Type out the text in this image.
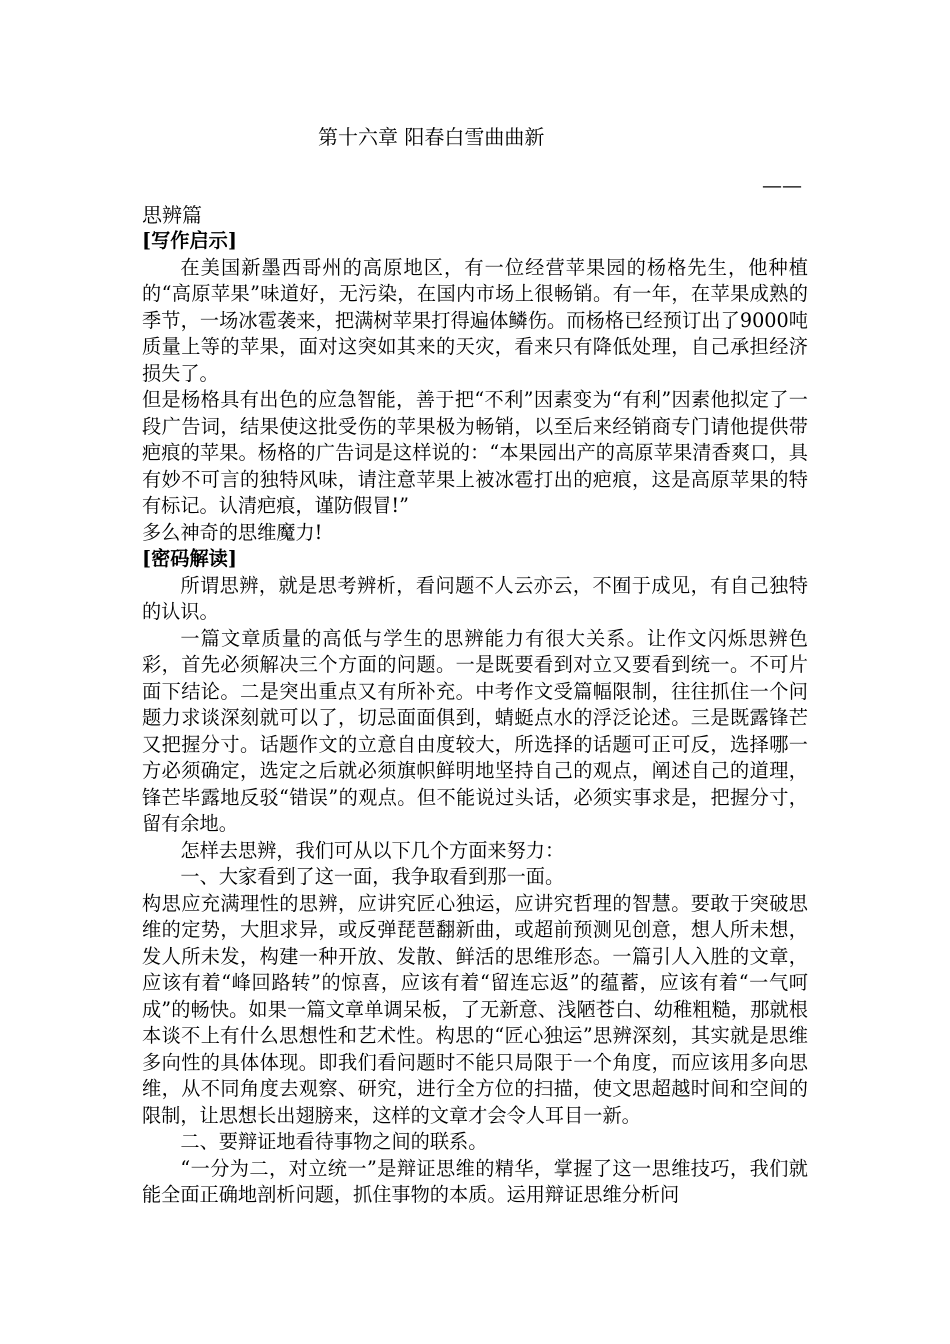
第十六章 阳春白雪曲曲新
——
思辨篇

[写作启示]

在美国新墨西哥州的高原地区，有一位经营苹果园的杨格先生，他种植的“高原苹果”味道好，无污染，在国内市场上很畅销。有一年，在苹果成熟的季节，一场冰雹袭来，把满树苹果打得遍体鳞伤。而杨格已经预订出了9000吨质量上等的苹果，面对这突如其来的天灾，看来只有降低处理，自己承担经济损失了。

但是杨格具有出色的应急智能，善于把“不利”因素变为“有利”因素他拟定了一段广告词，结果使这批受伤的苹果极为畅销，以至后来经销商专门请他提供带疤痕的苹果。杨格的广告词是这样说的：“本果园出产的高原苹果清香爽口，具有妙不可言的独特风味，请注意苹果上被冰雹打出的疤痕，这是高原苹果的特有标记。认清疤痕，谨防假冒!”

多么神奇的思维魔力!

[密码解读]

所谓思辨，就是思考辨析，看问题不人云亦云，不囿于成见，有自己独特的认识。

一篇文章质量的高低与学生的思辨能力有很大关系。让作文闪烁思辨色彩，首先必须解决三个方面的问题。一是既要看到对立又要看到统一。不可片面下结论。二是突出重点又有所补充。中考作文受篇幅限制，往往抓住一个问题力求谈深刻就可以了，切忌面面俱到，蜻蜓点水的浮泛论述。三是既露锋芒又把握分寸。话题作文的立意自由度较大，所选择的话题可正可反，选择哪一方必须确定，选定之后就必须旗帜鲜明地坚持自己的观点，阐述自己的道理，锋芒毕露地反驳“错误”的观点。但不能说过头话，必须实事求是，把握分寸，留有余地。

怎样去思辨，我们可从以下几个方面来努力：

一、大家看到了这一面，我争取看到那一面。

构思应充满理性的思辨，应讲究匠心独运，应讲究哲理的智慧。要敢于突破思维的定势，大胆求异，或反弹琵琶翻新曲，或超前预测见创意，想人所未想，发人所未发，构建一种开放、发散、鲜活的思维形态。一篇引人入胜的文章，应该有着“峰回路转”的惊喜，应该有着“留连忘返”的蕴蓄，应该有着“一气呵成”的畅快。如果一篇文章单调呆板，了无新意、浅陋苍白、幼稚粗糙，那就根本谈不上有什么思想性和艺术性。构思的“匠心独运”思辨深刻，其实就是思维多向性的具体体现。即我们看问题时不能只局限于一个角度，而应该用多向思维，从不同角度去观察、研究，进行全方位的扫描，使文思超越时间和空间的限制，让思想长出翅膀来，这样的文章才会令人耳目一新。

二、要辩证地看待事物之间的联系。

“一分为二，对立统一”是辩证思维的精华，掌握了这一思维技巧，我们就能全面正确地剖析问题，抓住事物的本质。运用辩证思维分析问
